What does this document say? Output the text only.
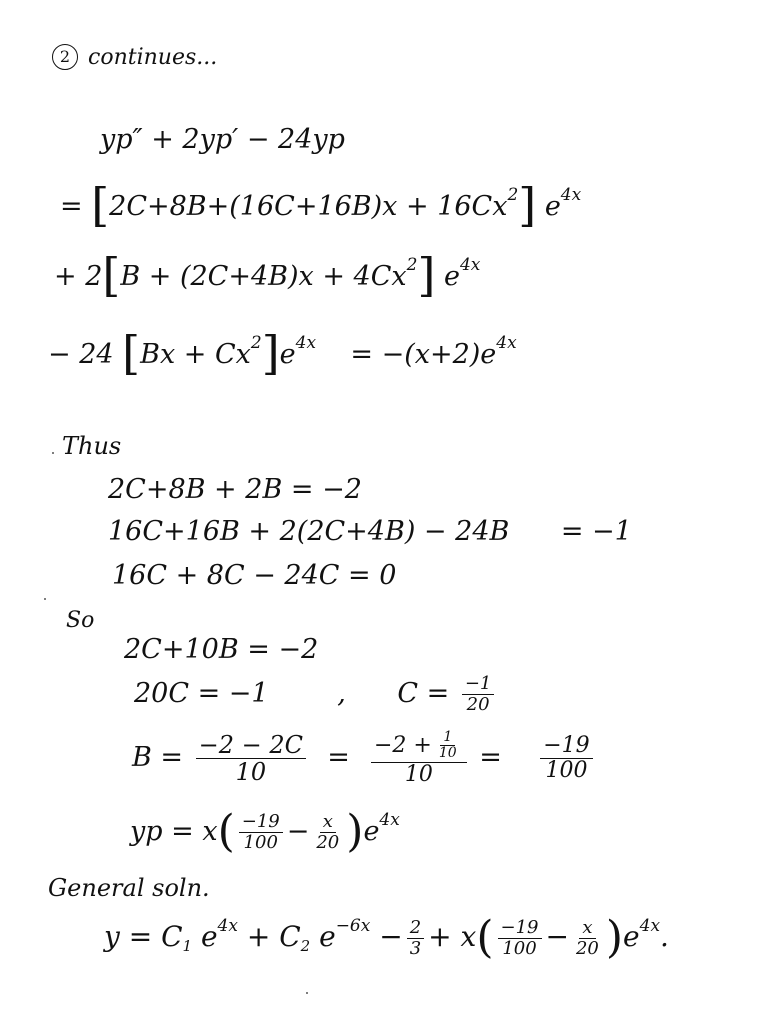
2 continues...
yp″ + 2yp′ − 24yp
= $[2C+8B+(16C+16B)x + 16Cx^2]$ $e^{4x}$
+ $2[B + (2C+4B)x + 4Cx^2]$ $e^{4x}$
− 24 $[Bx + Cx^2]e^{4x} = -(x+2)e^{4x}$
Thus
2C+8B + 2B = −2
16C+16B + 2(2C+4B) − 24B = −1
16C + 8C − 24C = 0
So
2C+10B = −2
20C = −1	, $C = \frac{-1}{20}$
$B = \frac{-2 - 2C}{10} = \frac{-2 + \frac{1}{10}}{10} = \frac{-19}{100}$
yp = $x( \frac{-19}{100} - \frac{x}{20} )e^{4x}$
General soln.
$y = C_1$ $e^{4x} + C_2$ $e^{-6x} - \frac{2}{3} + x( \frac{-19}{100} - \frac{x}{20} )e^{4x}$.
